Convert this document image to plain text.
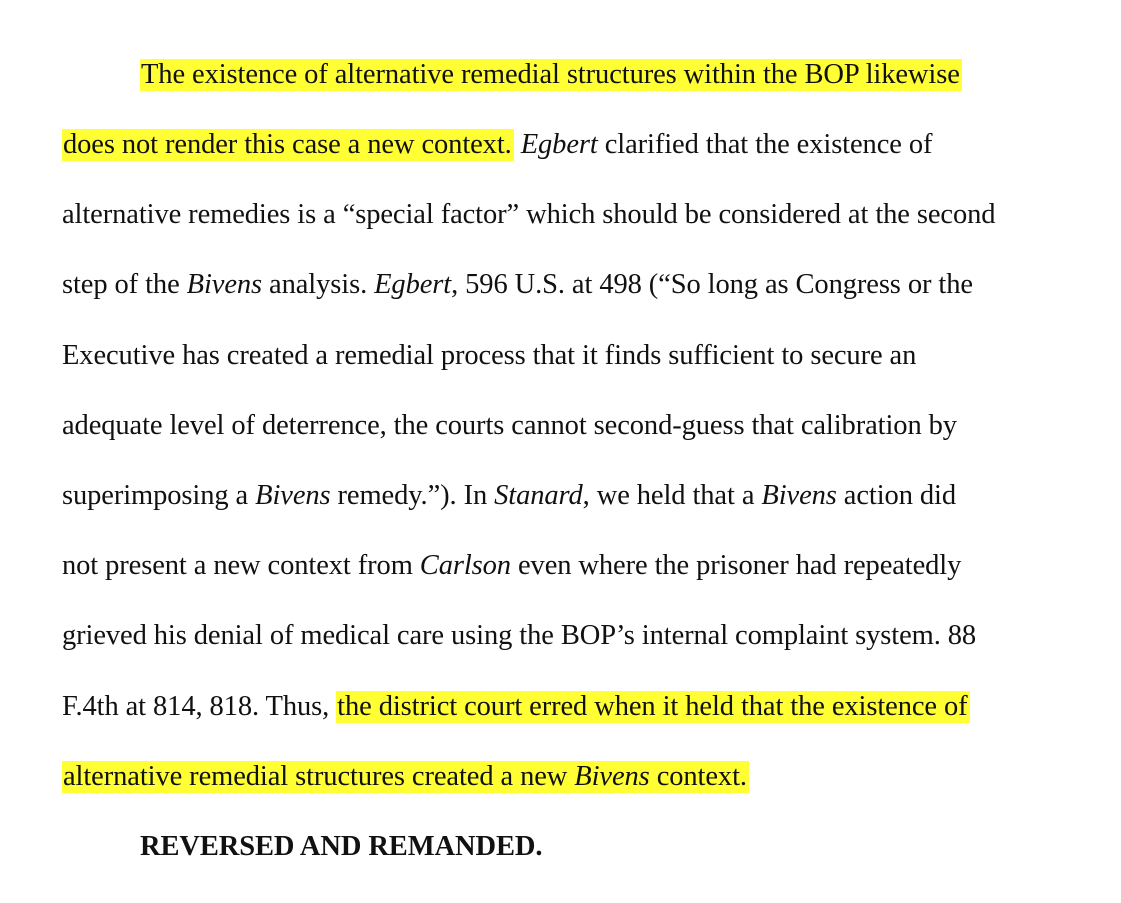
The existence of alternative remedial structures within the BOP likewise
does not render this case a new context. Egbert clarified that the existence of
alternative remedies is a “special factor” which should be considered at the second
step of the Bivens analysis. Egbert, 596 U.S. at 498 (“So long as Congress or the
Executive has created a remedial process that it finds sufficient to secure an
adequate level of deterrence, the courts cannot second-guess that calibration by
superimposing a Bivens remedy.”). In Stanard, we held that a Bivens action did
not present a new context from Carlson even where the prisoner had repeatedly
grieved his denial of medical care using the BOP’s internal complaint system. 88
F.4th at 814, 818. Thus, the district court erred when it held that the existence of
alternative remedial structures created a new Bivens context.
REVERSED AND REMANDED.
